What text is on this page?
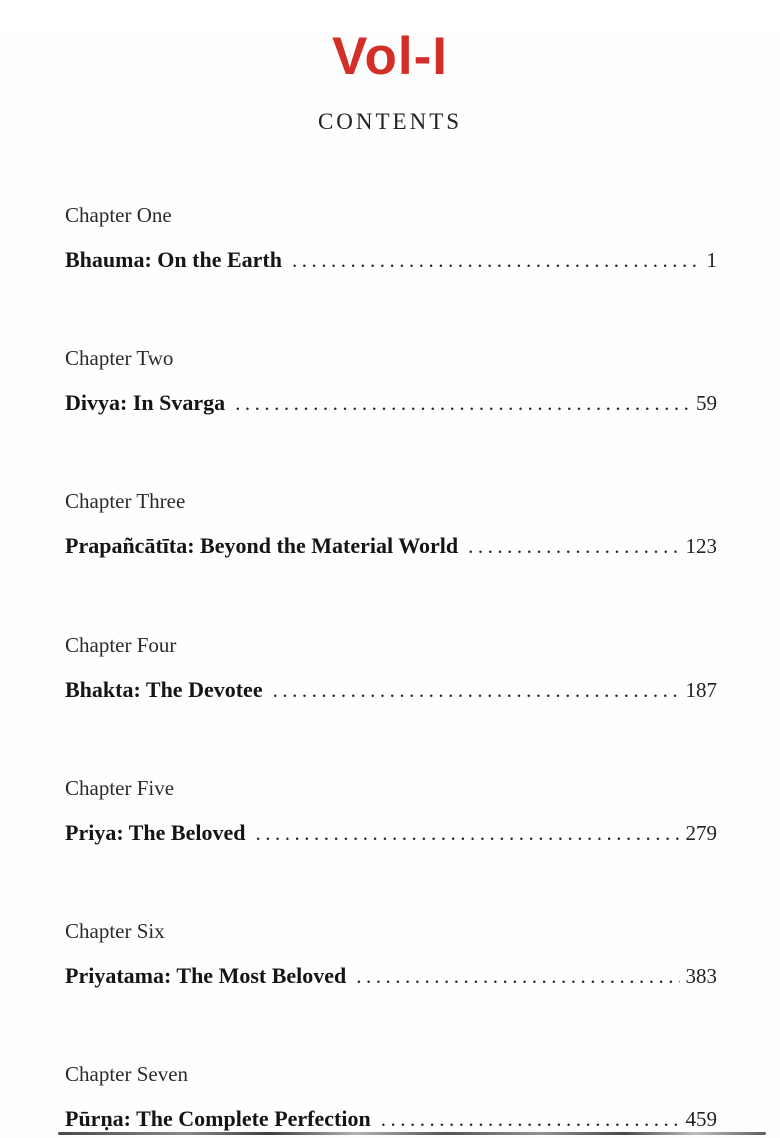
Vol-I
CONTENTS
Chapter One
Bhauma: On the Earth .....	1
Chapter Two
Divya: In Svarga .....	59
Chapter Three
Prapañcātīta: Beyond the Material World .....	123
Chapter Four
Bhakta: The Devotee .....	187
Chapter Five
Priya: The Beloved .....	279
Chapter Six
Priyatama: The Most Beloved .....	383
Chapter Seven
Pūrṇa: The Complete Perfection .....	459
